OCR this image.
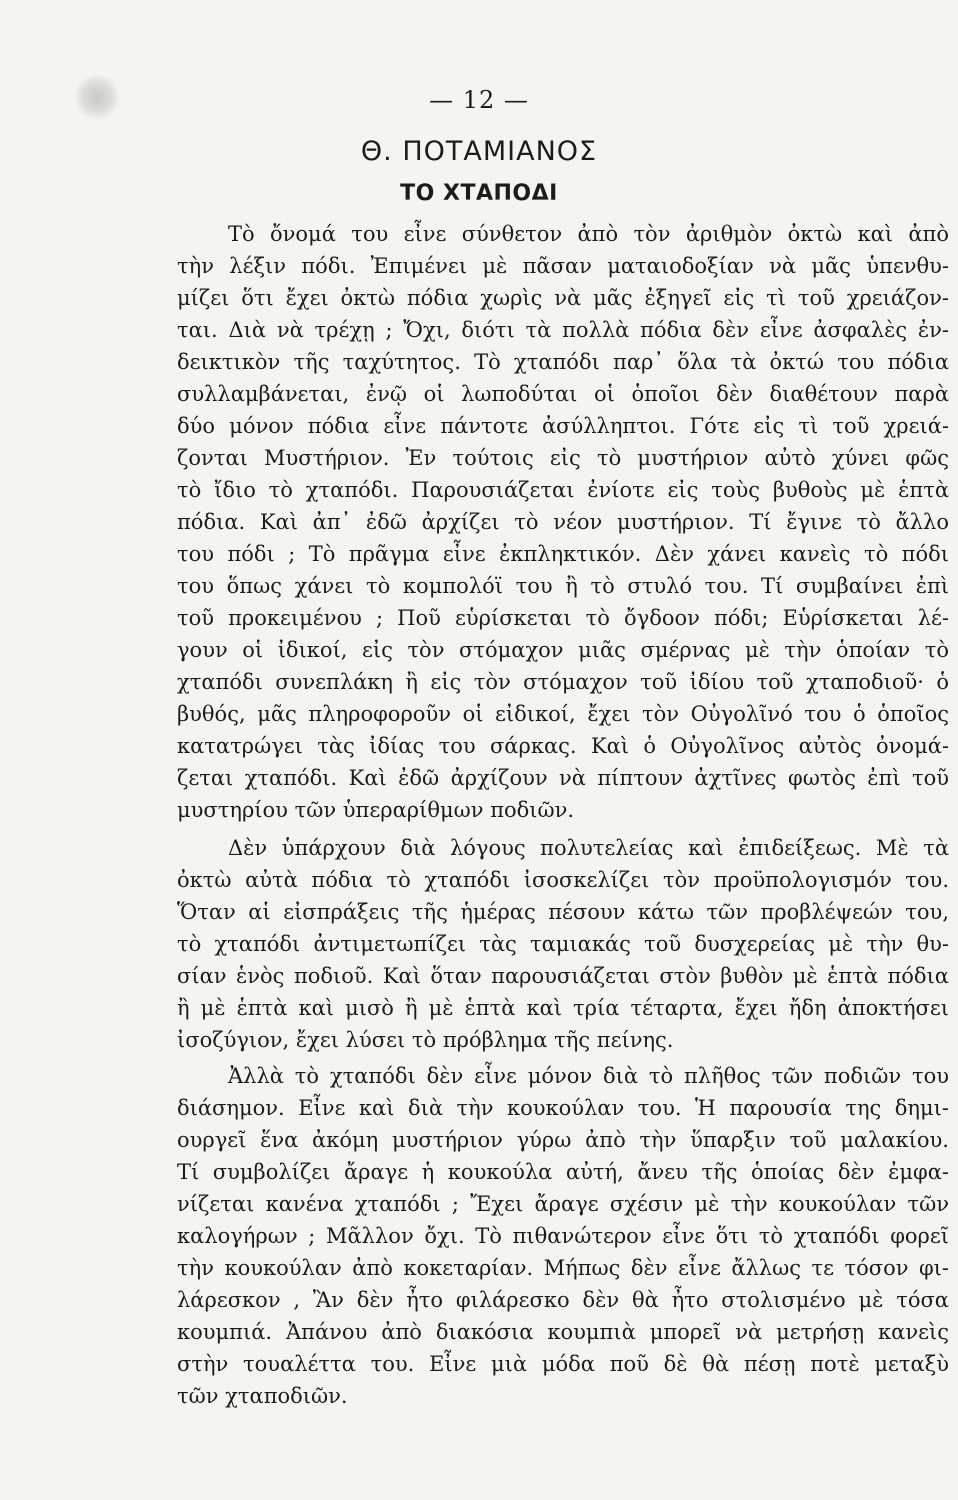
— 12 —
Θ. ΠΟΤΑΜΙΑΝΟΣ
ΤΟ ΧΤΑΠΟΔΙ
Τὸ ὄνομά του εἶνε σύνθετον ἀπὸ τὸν ἀριθμὸν ὀκτὼ καὶ ἀπὸ
τὴν λέξιν πόδι. Ἐπιμένει μὲ πᾶσαν ματαιοδοξίαν νὰ μᾶς ὑπενθυ-
μίζει ὅτι ἔχει ὀκτὼ πόδια χωρὶς νὰ μᾶς ἐξηγεῖ εἰς τὶ τοῦ χρειάζον-
ται. Διὰ νὰ τρέχῃ ; Ὄχι, διότι τὰ πολλὰ πόδια δὲν εἶνε ἀσφαλὲς ἐν-
δεικτικὸν τῆς ταχύτητος. Τὸ χταπόδι παρ᾽ ὅλα τὰ ὀκτώ του πόδια
συλλαμβάνεται, ἐνῷ οἱ λωποδύται οἱ ὁποῖοι δὲν διαθέτουν παρὰ
δύο μόνον πόδια εἶνε πάντοτε ἀσύλληπτοι. Γότε εἰς τὶ τοῦ χρειά-
ζονται Μυστήριον. Ἐν τούτοις εἰς τὸ μυστήριον αὐτὸ χύνει φῶς
τὸ ἴδιο τὸ χταπόδι. Παρουσιάζεται ἐνίοτε εἰς τοὺς βυθοὺς μὲ ἑπτὰ
πόδια. Καὶ ἀπ᾽ ἐδῶ ἀρχίζει τὸ νέον μυστήριον. Τί ἔγινε τὸ ἄλλο
του πόδι ; Τὸ πρᾶγμα εἶνε ἐκπληκτικόν. Δὲν χάνει κανεὶς τὸ πόδι
του ὅπως χάνει τὸ κομπολόϊ του ἢ τὸ στυλό του. Τί συμβαίνει ἐπὶ
τοῦ προκειμένου ; Ποῦ εὑρίσκεται τὸ ὄγδοον πόδι; Εὑρίσκεται λέ-
γουν οἱ ἰδικοί, εἰς τὸν στόμαχον μιᾶς σμέρνας μὲ τὴν ὁποίαν τὸ
χταπόδι συνεπλάκη ἢ εἰς τὸν στόμαχον τοῦ ἰδίου τοῦ χταποδιοῦ· ὁ
βυθός, μᾶς πληροφοροῦν οἱ εἰδικοί, ἔχει τὸν Οὐγολῖνό του ὁ ὁποῖος
κατατρώγει τὰς ἰδίας του σάρκας. Καὶ ὁ Οὐγολῖνος αὐτὸς ὀνομά-
ζεται χταπόδι. Καὶ ἐδῶ ἀρχίζουν νὰ πίπτουν ἀχτῖνες φωτὸς ἐπὶ τοῦ
μυστηρίου τῶν ὑπεραρίθμων ποδιῶν.
Δὲν ὑπάρχουν διὰ λόγους πολυτελείας καὶ ἐπιδείξεως. Μὲ τὰ
ὀκτὼ αὐτὰ πόδια τὸ χταπόδι ἰσοσκελίζει τὸν προϋπολογισμόν του.
Ὅταν αἱ εἰσπράξεις τῆς ἡμέρας πέσουν κάτω τῶν προβλέψεών του,
τὸ χταπόδι ἀντιμετωπίζει τὰς ταμιακάς τοῦ δυσχερείας μὲ τὴν θυ-
σίαν ἑνὸς ποδιοῦ. Καὶ ὅταν παρουσιάζεται στὸν βυθὸν μὲ ἑπτὰ πόδια
ἢ μὲ ἑπτὰ καὶ μισὸ ἢ μὲ ἑπτὰ καὶ τρία τέταρτα, ἔχει ἤδη ἀποκτήσει
ἰσοζύγιον, ἔχει λύσει τὸ πρόβλημα τῆς πείνης.
Ἀλλὰ τὸ χταπόδι δὲν εἶνε μόνον διὰ τὸ πλῆθος τῶν ποδιῶν του
διάσημον. Εἶνε καὶ διὰ τὴν κουκούλαν του. Ἡ παρουσία της δημι-
ουργεῖ ἕνα ἀκόμη μυστήριον γύρω ἀπὸ τὴν ὕπαρξιν τοῦ μαλακίου.
Τί συμβολίζει ἄραγε ἡ κουκούλα αὐτή, ἄνευ τῆς ὁποίας δὲν ἐμφα-
νίζεται κανένα χταπόδι ; Ἔχει ἄραγε σχέσιν μὲ τὴν κουκούλαν τῶν
καλογήρων ; Μᾶλλον ὄχι. Τὸ πιθανώτερον εἶνε ὅτι τὸ χταπόδι φορεῖ
τὴν κουκούλαν ἀπὸ κοκεταρίαν. Μήπως δὲν εἶνε ἄλλως τε τόσον φι-
λάρεσκον , Ἂν δὲν ἦτο φιλάρεσκο δὲν θὰ ἦτο στολισμένο μὲ τόσα
κουμπιά. Ἀπάνου ἀπὸ διακόσια κουμπιὰ μπορεῖ νὰ μετρήσῃ κανεὶς
στὴν τουαλέττα του. Εἶνε μιὰ μόδα ποῦ δὲ θὰ πέσῃ ποτὲ μεταξὺ
τῶν χταποδιῶν.
